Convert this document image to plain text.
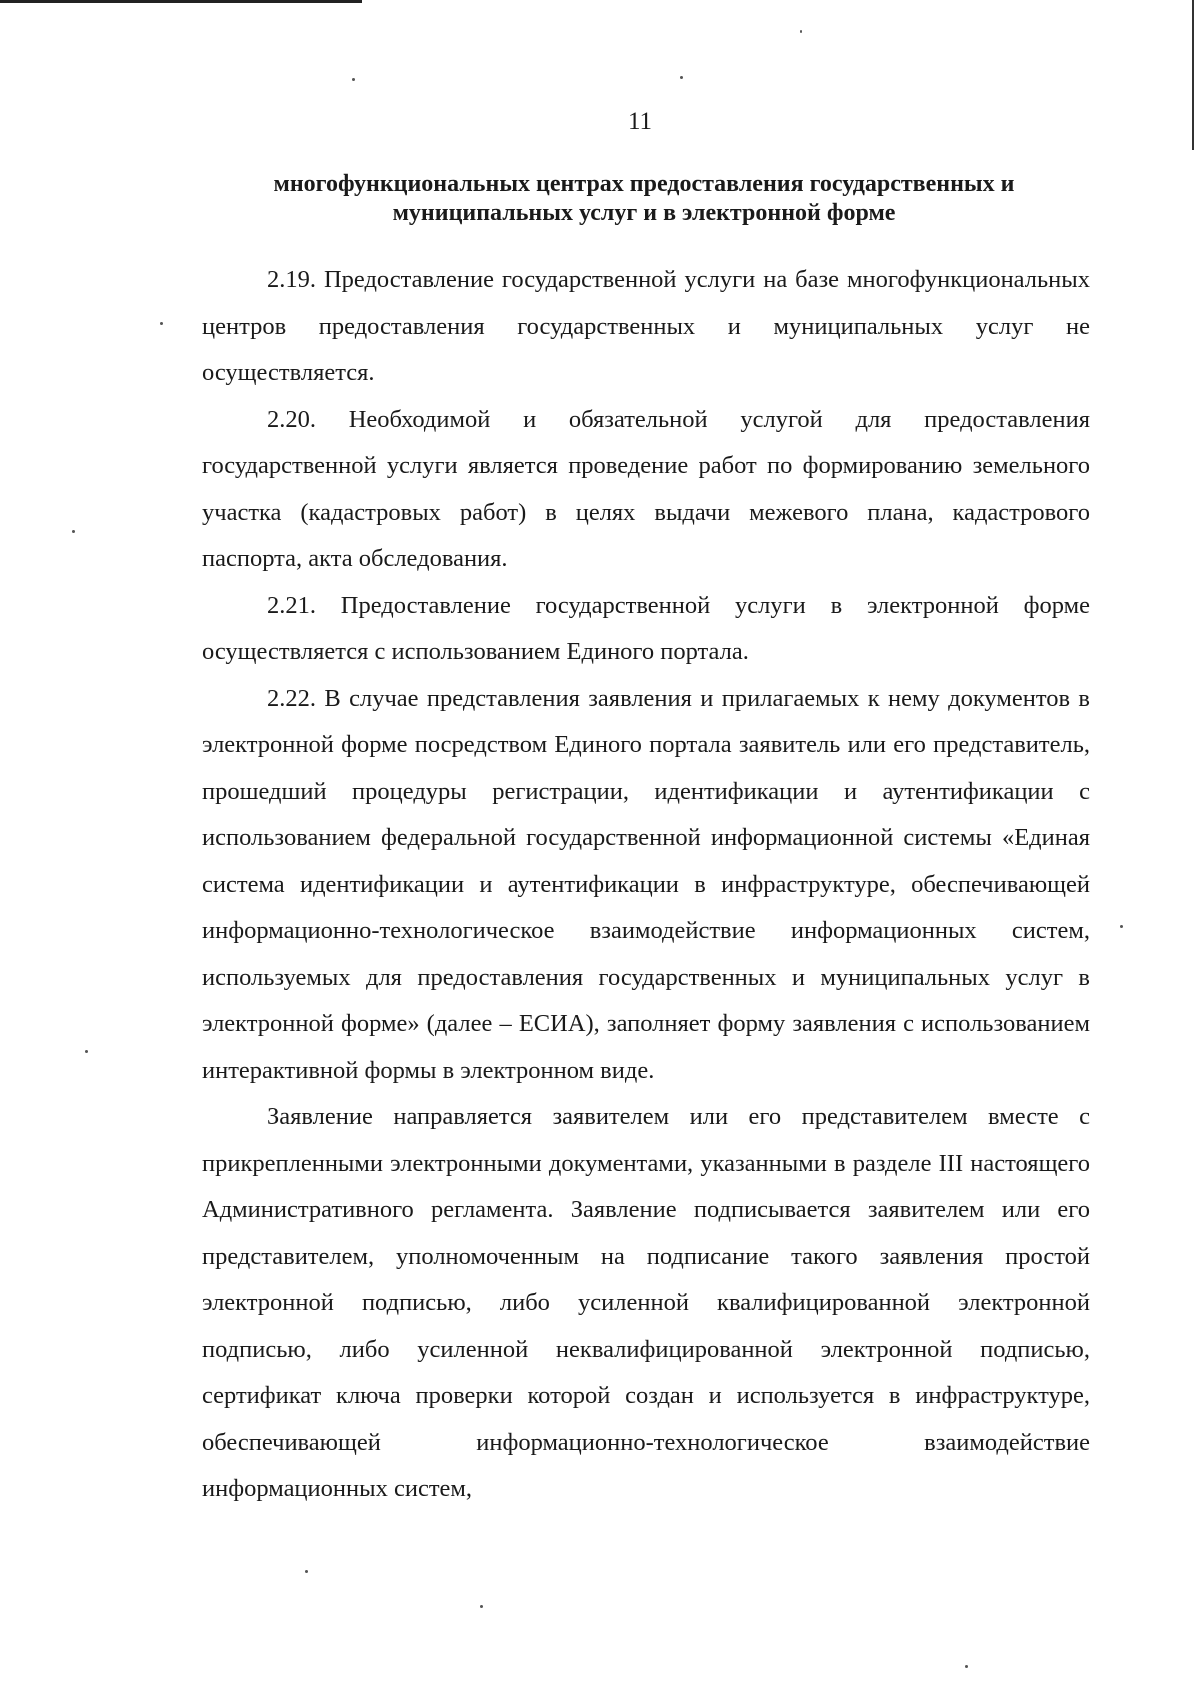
11
многофункциональных центрах предоставления государственных и муниципальных услуг и в электронной форме

2.19. Предоставление государственной услуги на базе многофункциональных центров предоставления государственных и муниципальных услуг не осуществляется.

2.20. Необходимой и обязательной услугой для предоставления государственной услуги является проведение работ по формированию земельного участка (кадастровых работ) в целях выдачи межевого плана, кадастрового паспорта, акта обследования.

2.21. Предоставление государственной услуги в электронной форме осуществляется с использованием Единого портала.

2.22. В случае представления заявления и прилагаемых к нему документов в электронной форме посредством Единого портала заявитель или его представитель, прошедший процедуры регистрации, идентификации и аутентификации с использованием федеральной государственной информационной системы «Единая система идентификации и аутентификации в инфраструктуре, обеспечивающей информационно-технологическое взаимодействие информационных систем, используемых для предоставления государственных и муниципальных услуг в электронной форме» (далее – ЕСИА), заполняет форму заявления с использованием интерактивной формы в электронном виде.

Заявление направляется заявителем или его представителем вместе с прикрепленными электронными документами, указанными в разделе III настоящего Административного регламента. Заявление подписывается заявителем или его представителем, уполномоченным на подписание такого заявления простой электронной подписью, либо усиленной квалифицированной электронной подписью, либо усиленной неквалифицированной электронной подписью, сертификат ключа проверки которой создан и используется в инфраструктуре, обеспечивающей информационно-технологическое взаимодействие информационных систем,
